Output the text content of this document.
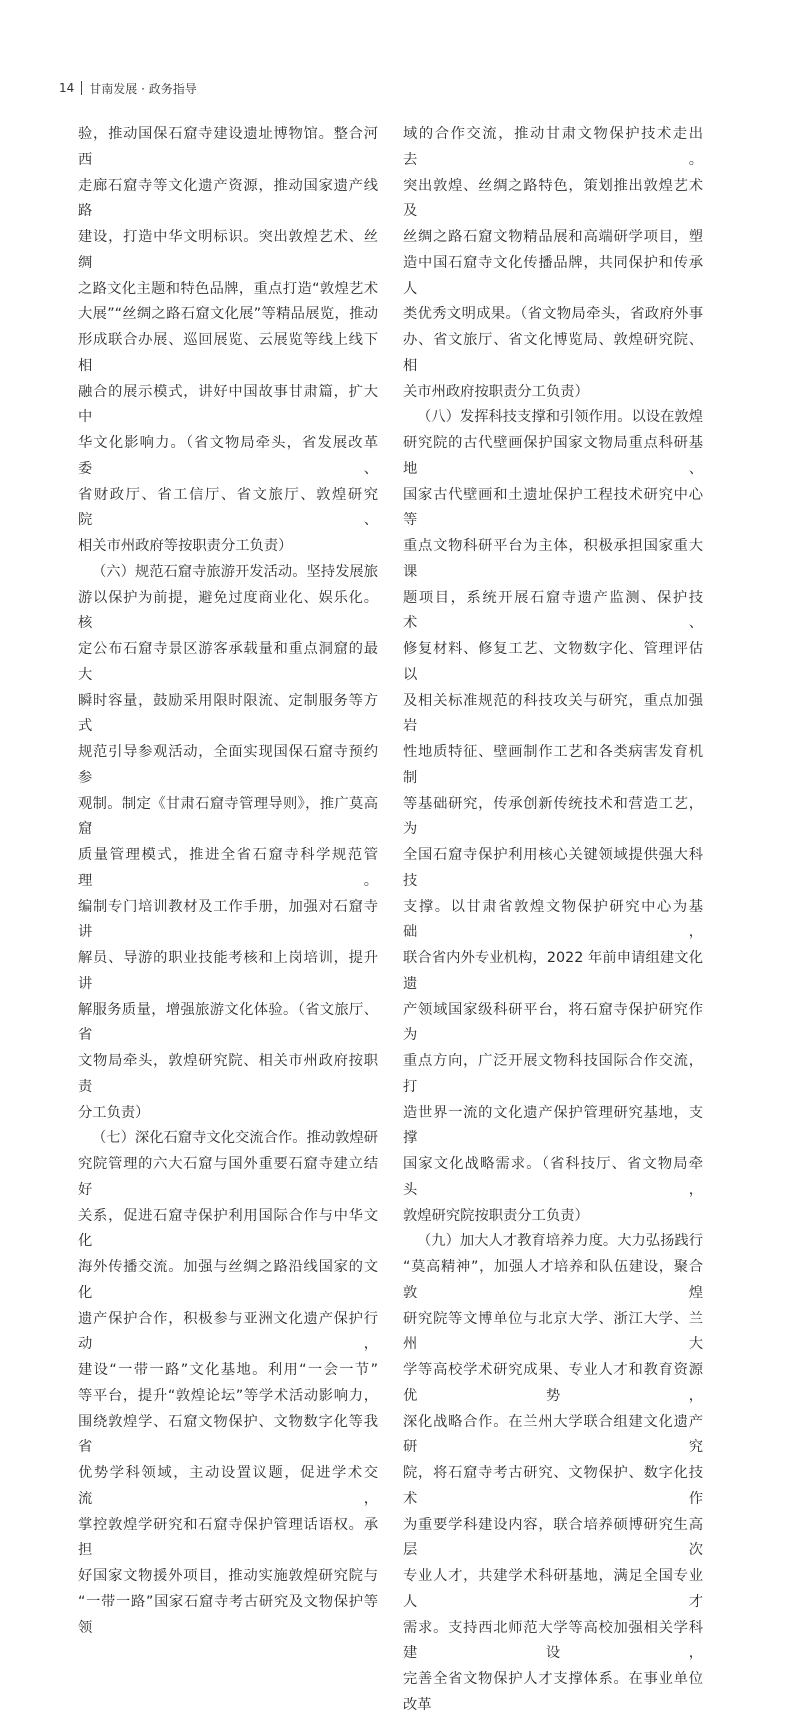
14 甘南发展 · 政务指导

验，推动国保石窟寺建设遗址博物馆。整合河西

走廊石窟寺等文化遗产资源，推动国家遗产线路

建设，打造中华文明标识。突出敦煌艺术、丝绸

之路文化主题和特色品牌，重点打造“敦煌艺术

大展”“丝绸之路石窟文化展”等精品展览，推动

形成联合办展、巡回展览、云展览等线上线下相

融合的展示模式，讲好中国故事甘肃篇，扩大中

华文化影响力。（省文物局牵头，省发展改革委、

省财政厅、省工信厅、省文旅厅、敦煌研究院、

相关市州政府等按职责分工负责）

（六）规范石窟寺旅游开发活动。坚持发展旅

游以保护为前提，避免过度商业化、娱乐化。核

定公布石窟寺景区游客承载量和重点洞窟的最大

瞬时容量，鼓励采用限时限流、定制服务等方式

规范引导参观活动，全面实现国保石窟寺预约参

观制。制定《甘肃石窟寺管理导则》，推广莫高窟

质量管理模式，推进全省石窟寺科学规范管理。

编制专门培训教材及工作手册，加强对石窟寺讲

解员、导游的职业技能考核和上岗培训，提升讲

解服务质量，增强旅游文化体验。（省文旅厅、省

文物局牵头，敦煌研究院、相关市州政府按职责

分工负责）

（七）深化石窟寺文化交流合作。推动敦煌研

究院管理的六大石窟与国外重要石窟寺建立结好

关系，促进石窟寺保护利用国际合作与中华文化

海外传播交流。加强与丝绸之路沿线国家的文化

遗产保护合作，积极参与亚洲文化遗产保护行动，

建设“一带一路”文化基地。利用“一会一节”

等平台，提升“敦煌论坛”等学术活动影响力，

围绕敦煌学、石窟文物保护、文物数字化等我省

优势学科领域，主动设置议题，促进学术交流，

掌控敦煌学研究和石窟寺保护管理话语权。承担

好国家文物援外项目，推动实施敦煌研究院与

“一带一路”国家石窟寺考古研究及文物保护等领

域的合作交流，推动甘肃文物保护技术走出去。

突出敦煌、丝绸之路特色，策划推出敦煌艺术及

丝绸之路石窟文物精品展和高端研学项目，塑

造中国石窟寺文化传播品牌，共同保护和传承人

类优秀文明成果。（省文物局牵头，省政府外事

办、省文旅厅、省文化博览局、敦煌研究院、相

关市州政府按职责分工负责）

（八）发挥科技支撑和引领作用。以设在敦煌

研究院的古代壁画保护国家文物局重点科研基地、

国家古代壁画和土遗址保护工程技术研究中心等

重点文物科研平台为主体，积极承担国家重大课

题项目，系统开展石窟寺遗产监测、保护技术、

修复材料、修复工艺、文物数字化、管理评估以

及相关标准规范的科技攻关与研究，重点加强岩

性地质特征、壁画制作工艺和各类病害发育机制

等基础研究，传承创新传统技术和营造工艺，为

全国石窟寺保护利用核心关键领域提供强大科技

支撑。以甘肃省敦煌文物保护研究中心为基础，

联合省内外专业机构，2022 年前申请组建文化遗

产领域国家级科研平台，将石窟寺保护研究作为

重点方向，广泛开展文物科技国际合作交流，打

造世界一流的文化遗产保护管理研究基地，支撑

国家文化战略需求。（省科技厅、省文物局牵头，

敦煌研究院按职责分工负责）

（九）加大人才教育培养力度。大力弘扬践行

“莫高精神”，加强人才培养和队伍建设，聚合敦煌

研究院等文博单位与北京大学、浙江大学、兰州大

学等高校学术研究成果、专业人才和教育资源优势，

深化战略合作。在兰州大学联合组建文化遗产研究

院，将石窟寺考古研究、文物保护、数字化技术作

为重要学科建设内容，联合培养硕博研究生高层次

专业人才，共建学术科研基地，满足全国专业人才

需求。支持西北师范大学等高校加强相关学科建设，

完善全省文物保护人才支撑体系。在事业单位改革
